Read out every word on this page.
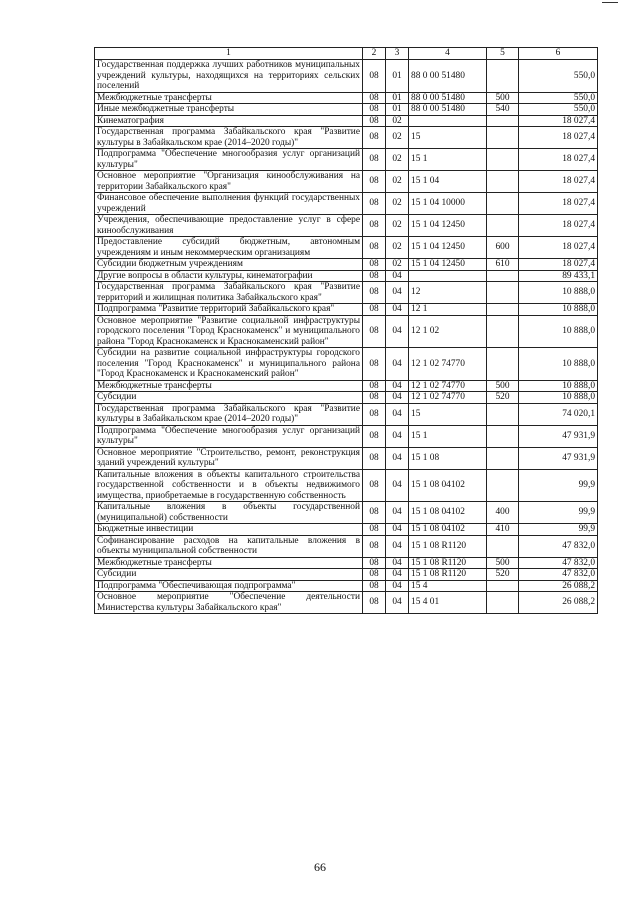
1	2	3	4	5	6
Государственная поддержка лучших работников муниципальных учреждений культуры, находящихся на территориях сельских поселений	08	01	88 0 00 51480		550,0
Межбюджетные трансферты	08	01	88 0 00 51480	500	550,0
Иные межбюджетные трансферты	08	01	88 0 00 51480	540	550,0
Кинематография	08	02			18 027,4
Государственная программа Забайкальского края "Развитие культуры в Забайкальском крае (2014–2020 годы)"	08	02	15		18 027,4
Подпрограмма "Обеспечение многообразия услуг организаций культуры"	08	02	15 1		18 027,4
Основное мероприятие "Организация кинообслуживания на территории Забайкальского края"	08	02	15 1 04		18 027,4
Финансовое обеспечение выполнения функций государственных учреждений	08	02	15 1 04 10000		18 027,4
Учреждения, обеспечивающие предоставление услуг в сфере кинообслуживания	08	02	15 1 04 12450		18 027,4
Предоставление субсидий бюджетным, автономным учреждениям и иным некоммерческим организациям	08	02	15 1 04 12450	600	18 027,4
Субсидии бюджетным учреждениям	08	02	15 1 04 12450	610	18 027,4
Другие вопросы в области культуры, кинематографии	08	04			89 433,1
Государственная программа Забайкальского края "Развитие территорий и жилищная политика Забайкальского края"	08	04	12		10 888,0
Подпрограмма "Развитие территорий Забайкальского края"	08	04	12 1		10 888,0
Основное мероприятие "Развитие социальной инфраструктуры городского поселения "Город Краснокаменск" и муниципального района "Город Краснокаменск и Краснокаменский район"	08	04	12 1 02		10 888,0
Субсидии на развитие социальной инфраструктуры городского поселения "Город Краснокаменск" и муниципального района "Город Краснокаменск и Краснокаменский район"	08	04	12 1 02 74770		10 888,0
Межбюджетные трансферты	08	04	12 1 02 74770	500	10 888,0
Субсидии	08	04	12 1 02 74770	520	10 888,0
Государственная программа Забайкальского края "Развитие культуры в Забайкальском крае (2014–2020 годы)"	08	04	15		74 020,1
Подпрограмма "Обеспечение многообразия услуг организаций культуры"	08	04	15 1		47 931,9
Основное мероприятие "Строительство, ремонт, реконструкция зданий учреждений культуры"	08	04	15 1 08		47 931,9
Капитальные вложения в объекты капитального строительства государственной собственности и в объекты недвижимого имущества, приобретаемые в государственную собственность	08	04	15 1 08 04102		99,9
Капитальные вложения в объекты государственной (муниципальной) собственности	08	04	15 1 08 04102	400	99,9
Бюджетные инвестиции	08	04	15 1 08 04102	410	99,9
Софинансирование расходов на капитальные вложения в объекты муниципальной собственности	08	04	15 1 08 R1120		47 832,0
Межбюджетные трансферты	08	04	15 1 08 R1120	500	47 832,0
Субсидии	08	04	15 1 08 R1120	520	47 832,0
Подпрограмма "Обеспечивающая подпрограмма"	08	04	15 4		26 088,2
Основное мероприятие "Обеспечение деятельности Министерства культуры Забайкальского края"	08	04	15 4 01		26 088,2
66
